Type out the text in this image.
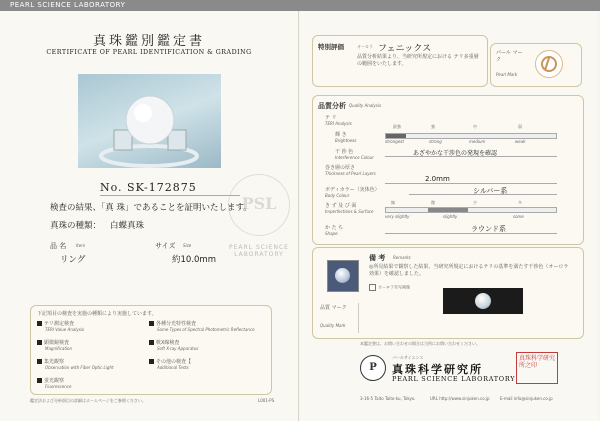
PEARL SCIENCE LABORATORY
真珠鑑別鑑定書
CERTIFICATE OF PEARL IDENTIFICATION & GRADING
PSL
PEARL SCIENCE LABORATORY
No. SK-172875
検査の結果、「真 珠」であることを証明いたします。
真珠の種類： 白蝶真珠
品 名 Item
リング
サイズ Size
約10.0mm
下記項目の検査を実施の種類により実施しています。
テリ測定検査
TERI Value Analysis
各種分光特性検査
Some Types of Spectral Photometric Reflectance
顕微鏡検査
Magnification
軟X線検査
Soft X-ray Apparatus
集光観察
Observation with Fiber Optic Light
その他の検査【
Additional Tests
蛍光観察
Fluorescence
鑑定法および分析項目の詳細はホームページをご参照ください。	L001-PS
特別評価	オーロラ フェニックス
品質分析結果より、当研究所規定における テリ多重層の範囲をいたします。
パール マーク
Pearl Mark
品質分析 Quality Analysis
テ リ
TERI Analysis
最強	強	中	弱
輝 き
Brightness	strongest	strong	medium	weak
干 渉 色
Interference Colour
あざやかな干渉色の発現を確認
巻き層の厚さ
Thickness of Pearl Layers
2.0mm
ボディカラー（実体色）
Body Colour
シルバー系
き ず 及 び 面
Imperfections & Surface
無	微	少	多
very slightly	slightly	some
か た ち
Shape
ラウンド系
備 考 Remarks
◎所見結果で観察した結果、当研究所規定におけるテリの基準を満たす干渉色（オーロラ効果）を確認しました。
オーロラ実写画像
品質 マーク
Quality Mark
本鑑定書は、お問い合わせの場合は当所にお問い合わせください。
P
パールサイエンス
真珠科学研究所
PEARL SCIENCE LABORATORY
真珠科学研究所之印
3-16-5 Taito Taito-ku, Tokyo.	URL http://www.sinjuken.co.jp	E-mail info@sinjuken.co.jp
